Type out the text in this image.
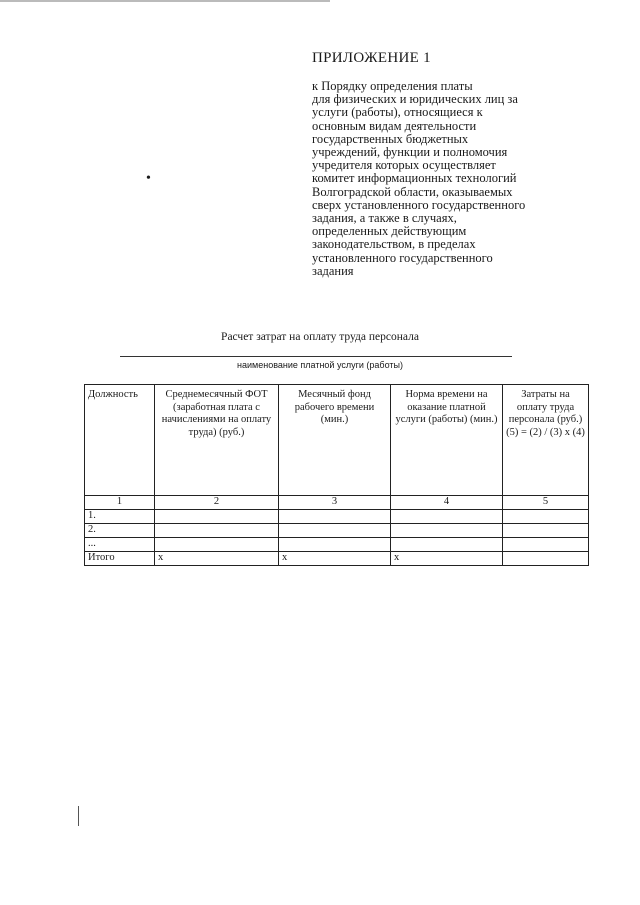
ПРИЛОЖЕНИЕ 1
к Порядку определения платы
для физических и юридических лиц за
услуги (работы), относящиеся к
основным видам деятельности
государственных бюджетных
учреждений, функции и полномочия
учредителя которых осуществляет
комитет информационных технологий
Волгоградской области, оказываемых
сверх установленного государственного
задания, а также в случаях,
определенных действующим
законодательством, в пределах
установленного государственного
задания
•
Расчет затрат на оплату труда персонала
наименование платной услуги (работы)
Должность	Среднемесячный ФОТ (заработная плата с начислениями на оплату труда) (руб.)	Месячный фонд рабочего времени (мин.)	Норма времени на оказание платной услуги (работы) (мин.)	Затраты на оплату труда персонала (руб.) (5) = (2) / (3) x (4)
1	2	3	4	5
1.				
2.				
...				
Итого	x	x	x	
